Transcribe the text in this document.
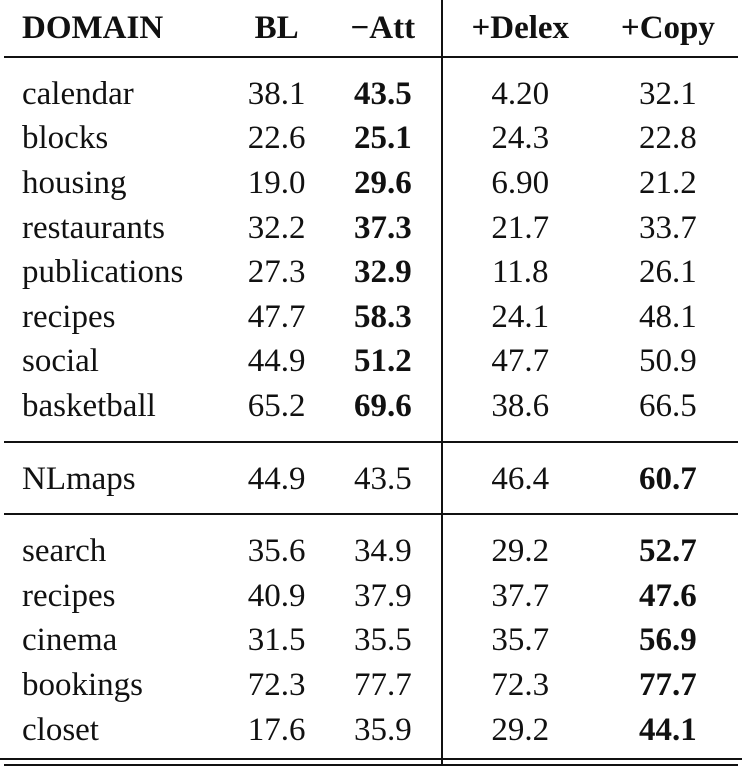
DOMAIN	BL	−Att	+Delex	+Copy
calendar	38.1	43.5	4.20	32.1
blocks	22.6	25.1	24.3	22.8
housing	19.0	29.6	6.90	21.2
restaurants	32.2	37.3	21.7	33.7
publications	27.3	32.9	11.8	26.1
recipes	47.7	58.3	24.1	48.1
social	44.9	51.2	47.7	50.9
basketball	65.2	69.6	38.6	66.5
NLmaps	44.9	43.5	46.4	60.7
search	35.6	34.9	29.2	52.7
recipes	40.9	37.9	37.7	47.6
cinema	31.5	35.5	35.7	56.9
bookings	72.3	77.7	72.3	77.7
closet	17.6	35.9	29.2	44.1
